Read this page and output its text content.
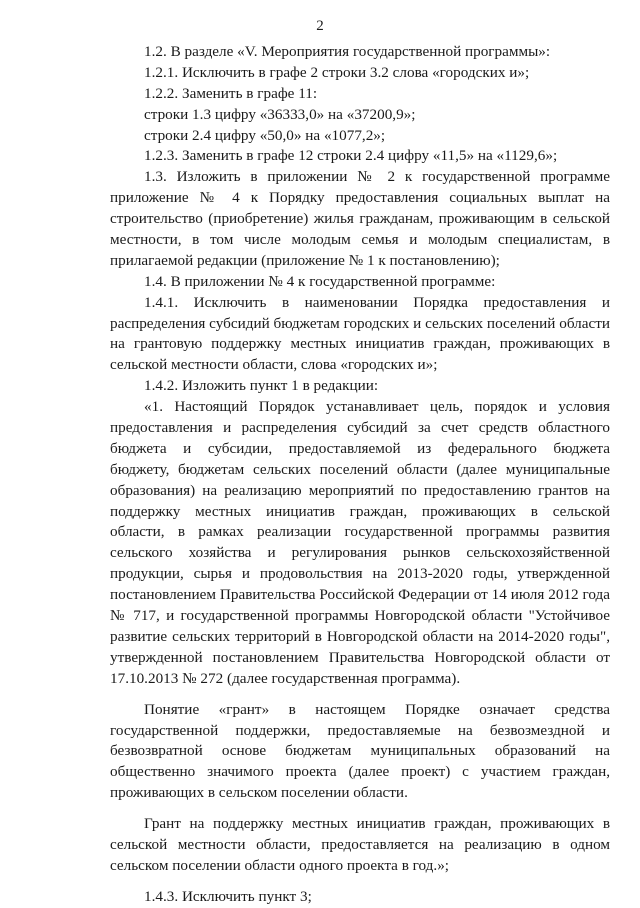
2
1.2. В разделе «V. Мероприятия государственной программы»:
1.2.1. Исключить в графе 2 строки 3.2 слова «городских и»;
1.2.2. Заменить в графе 11:
строки 1.3 цифру «36333,0» на «37200,9»;
строки 2.4 цифру «50,0» на «1077,2»;
1.2.3. Заменить в графе 12 строки 2.4 цифру «11,5» на «1129,6»;
1.3. Изложить в приложении № 2 к государственной программе
приложение № 4 к Порядку предоставления социальных выплат на
строительство (приобретение) жилья гражданам, проживающим в сельской
местности, в том числе молодым семья и молодым специалистам, в
прилагаемой редакции (приложение № 1 к постановлению);
1.4. В приложении № 4 к государственной программе:
1.4.1. Исключить в наименовании Порядка предоставления и
распределения субсидий бюджетам городских и сельских поселений области
на грантовую поддержку местных инициатив граждан, проживающих в
сельской местности области, слова «городских и»;
1.4.2. Изложить пункт 1 в редакции:
«1. Настоящий Порядок устанавливает цель, порядок и условия
предоставления и распределения субсидий за счет средств областного
бюджета и субсидии, предоставляемой из федерального бюджета
бюджету, бюджетам сельских поселений области (далее муниципальные
образования) на реализацию мероприятий по предоставлению грантов на
поддержку местных инициатив граждан, проживающих в сельской
области, в рамках реализации государственной программы развития
сельского хозяйства и регулирования рынков сельскохозяйственной
продукции, сырья и продовольствия на 2013-2020 годы, утвержденной
постановлением Правительства Российской Федерации от 14 июля 2012 года
№ 717, и государственной программы Новгородской области "Устойчивое
развитие сельских территорий в Новгородской области на 2014-2020 годы",
утвержденной постановлением Правительства Новгородской области от
17.10.2013 № 272 (далее государственная программа).
Понятие «грант» в настоящем Порядке означает средства
государственной поддержки, предоставляемые на безвозмездной и
безвозвратной основе бюджетам муниципальных образований на
общественно значимого проекта (далее проект) с участием граждан,
проживающих в сельском поселении области.
Грант на поддержку местных инициатив граждан, проживающих в
сельской местности области, предоставляется на реализацию в одном
сельском поселении области одного проекта в год.»;
1.4.3. Исключить пункт 3;
